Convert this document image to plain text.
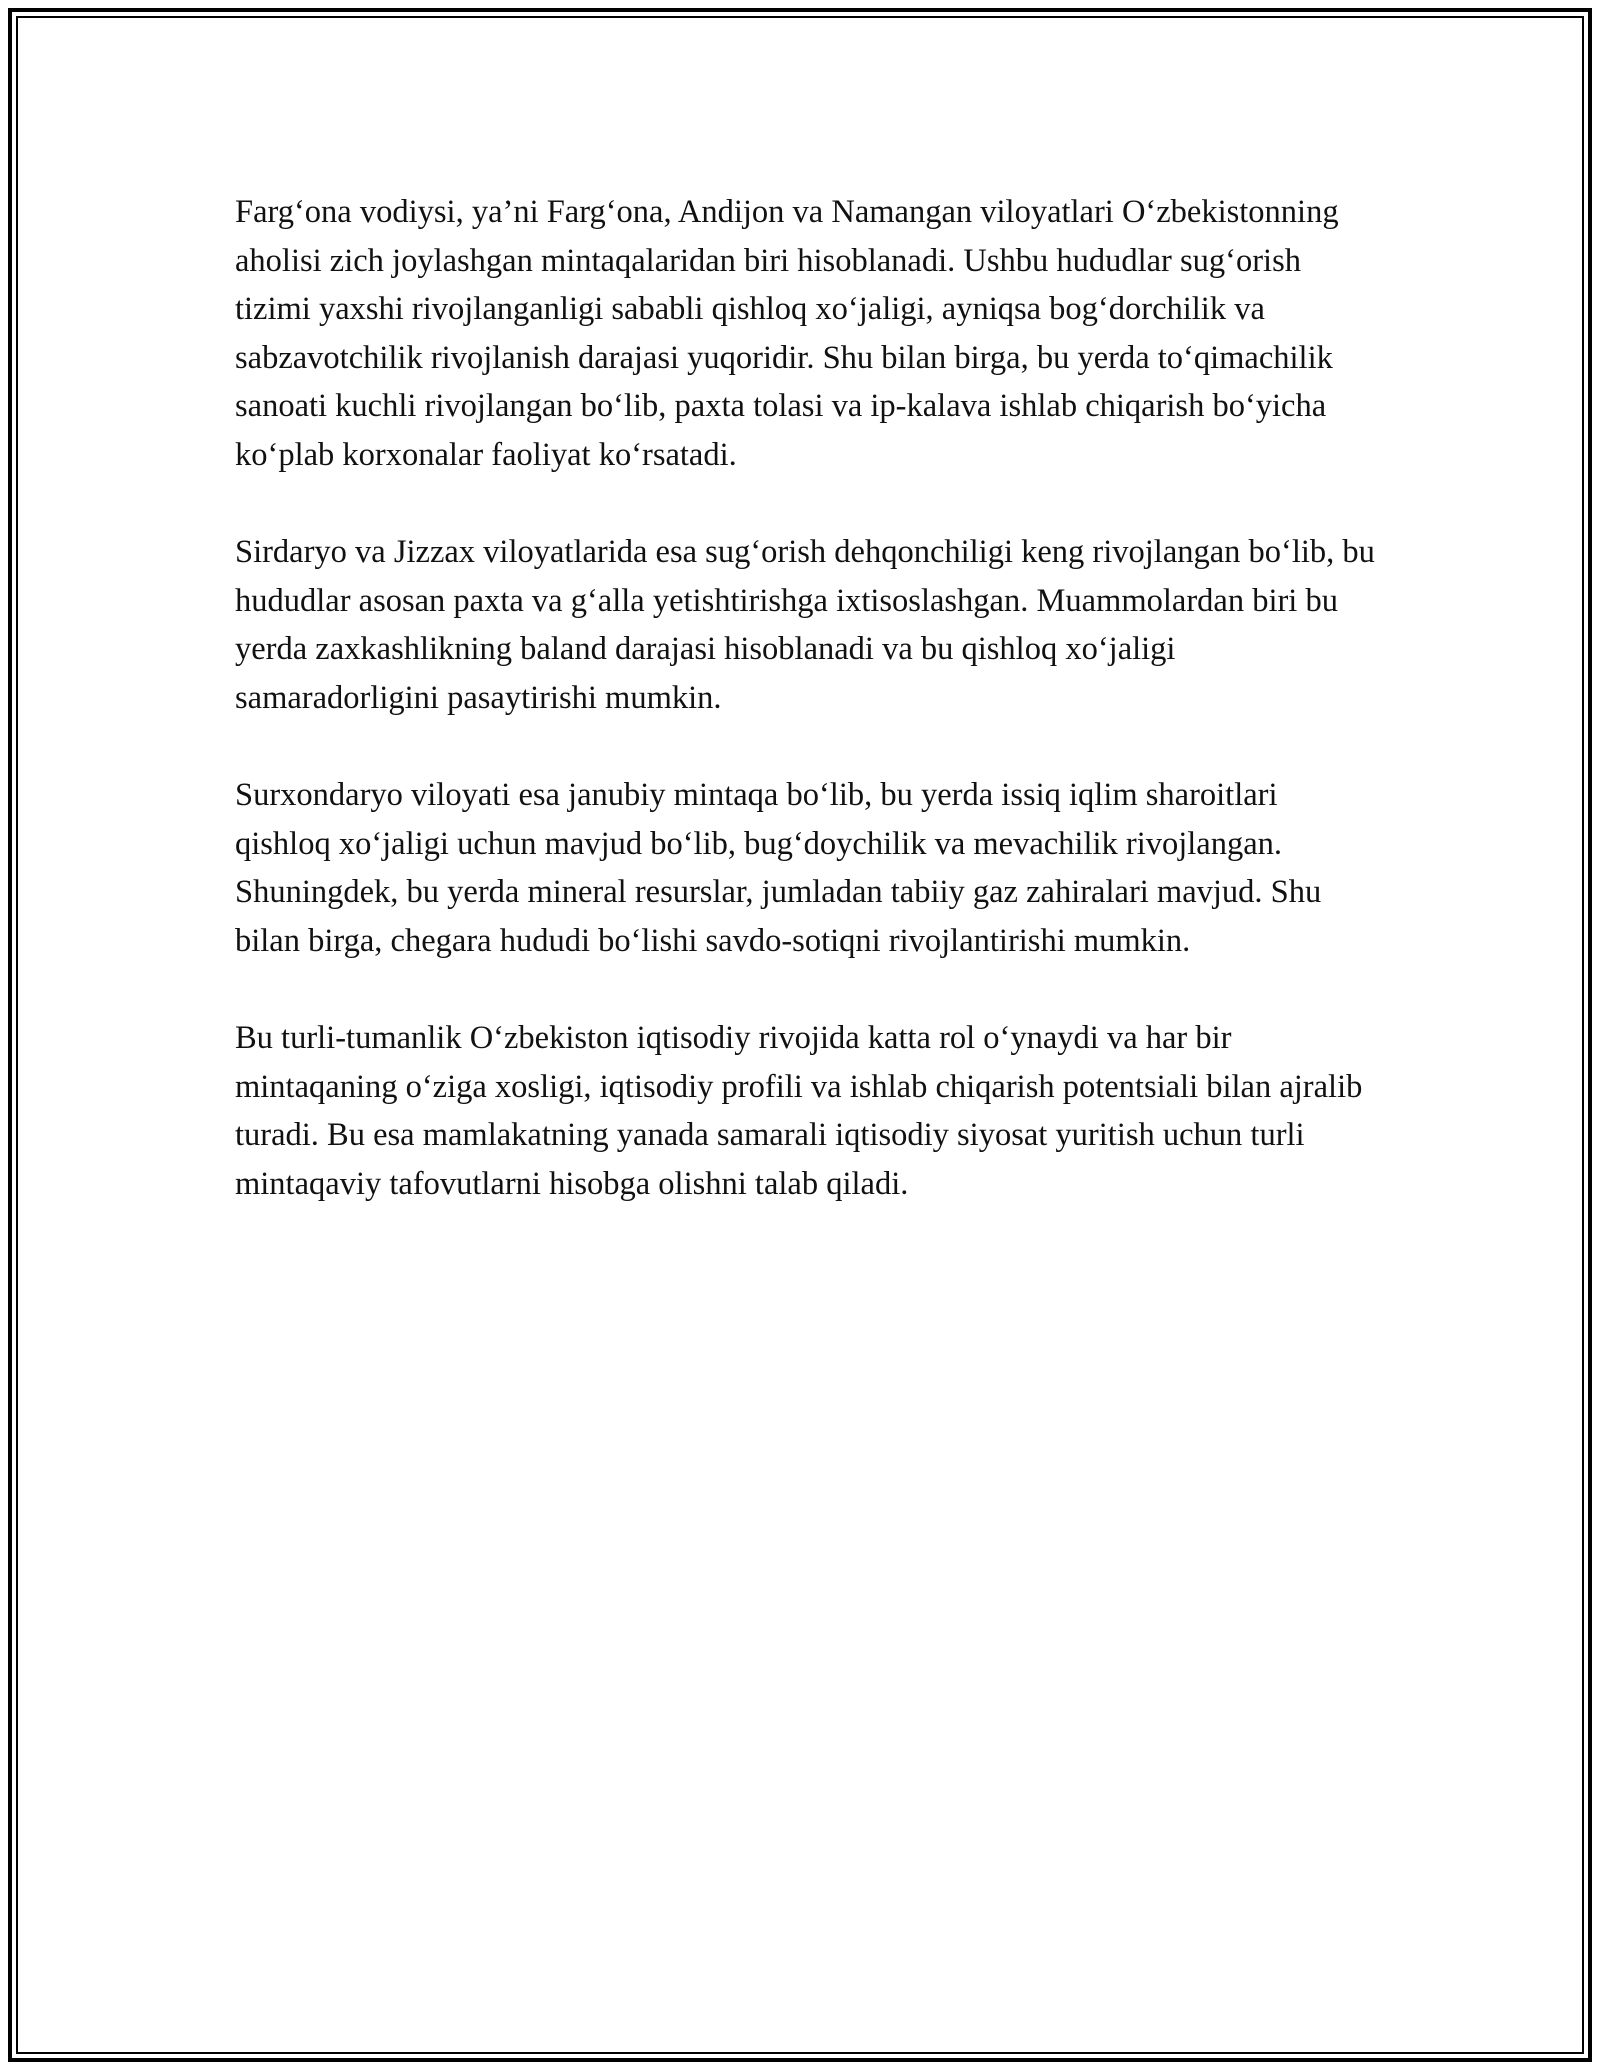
Farg‘ona vodiysi, ya’ni Farg‘ona, Andijon va Namangan viloyatlari O‘zbekistonning aholisi zich joylashgan mintaqalaridan biri hisoblanadi. Ushbu hududlar sug‘orish tizimi yaxshi rivojlanganligi sababli qishloq xo‘jaligi, ayniqsa bog‘dorchilik va sabzavotchilik rivojlanish darajasi yuqoridir. Shu bilan birga, bu yerda to‘qimachilik sanoati kuchli rivojlangan bo‘lib, paxta tolasi va ip-kalava ishlab chiqarish bo‘yicha ko‘plab korxonalar faoliyat ko‘rsatadi.

Sirdaryo va Jizzax viloyatlarida esa sug‘orish dehqonchiligi keng rivojlangan bo‘lib, bu hududlar asosan paxta va g‘alla yetishtirishga ixtisoslashgan. Muammolardan biri bu yerda zaxkashlikning baland darajasi hisoblanadi va bu qishloq xo‘jaligi samaradorligini pasaytirishi mumkin.

Surxondaryo viloyati esa janubiy mintaqa bo‘lib, bu yerda issiq iqlim sharoitlari qishloq xo‘jaligi uchun mavjud bo‘lib, bug‘doychilik va mevachilik rivojlangan. Shuningdek, bu yerda mineral resurslar, jumladan tabiiy gaz zahiralari mavjud. Shu bilan birga, chegara hududi bo‘lishi savdo-sotiqni rivojlantirishi mumkin.

Bu turli-tumanlik O‘zbekiston iqtisodiy rivojida katta rol o‘ynaydi va har bir mintaqaning o‘ziga xosligi, iqtisodiy profili va ishlab chiqarish potentsiali bilan ajralib turadi. Bu esa mamlakatning yanada samarali iqtisodiy siyosat yuritish uchun turli mintaqaviy tafovutlarni hisobga olishni talab qiladi.
